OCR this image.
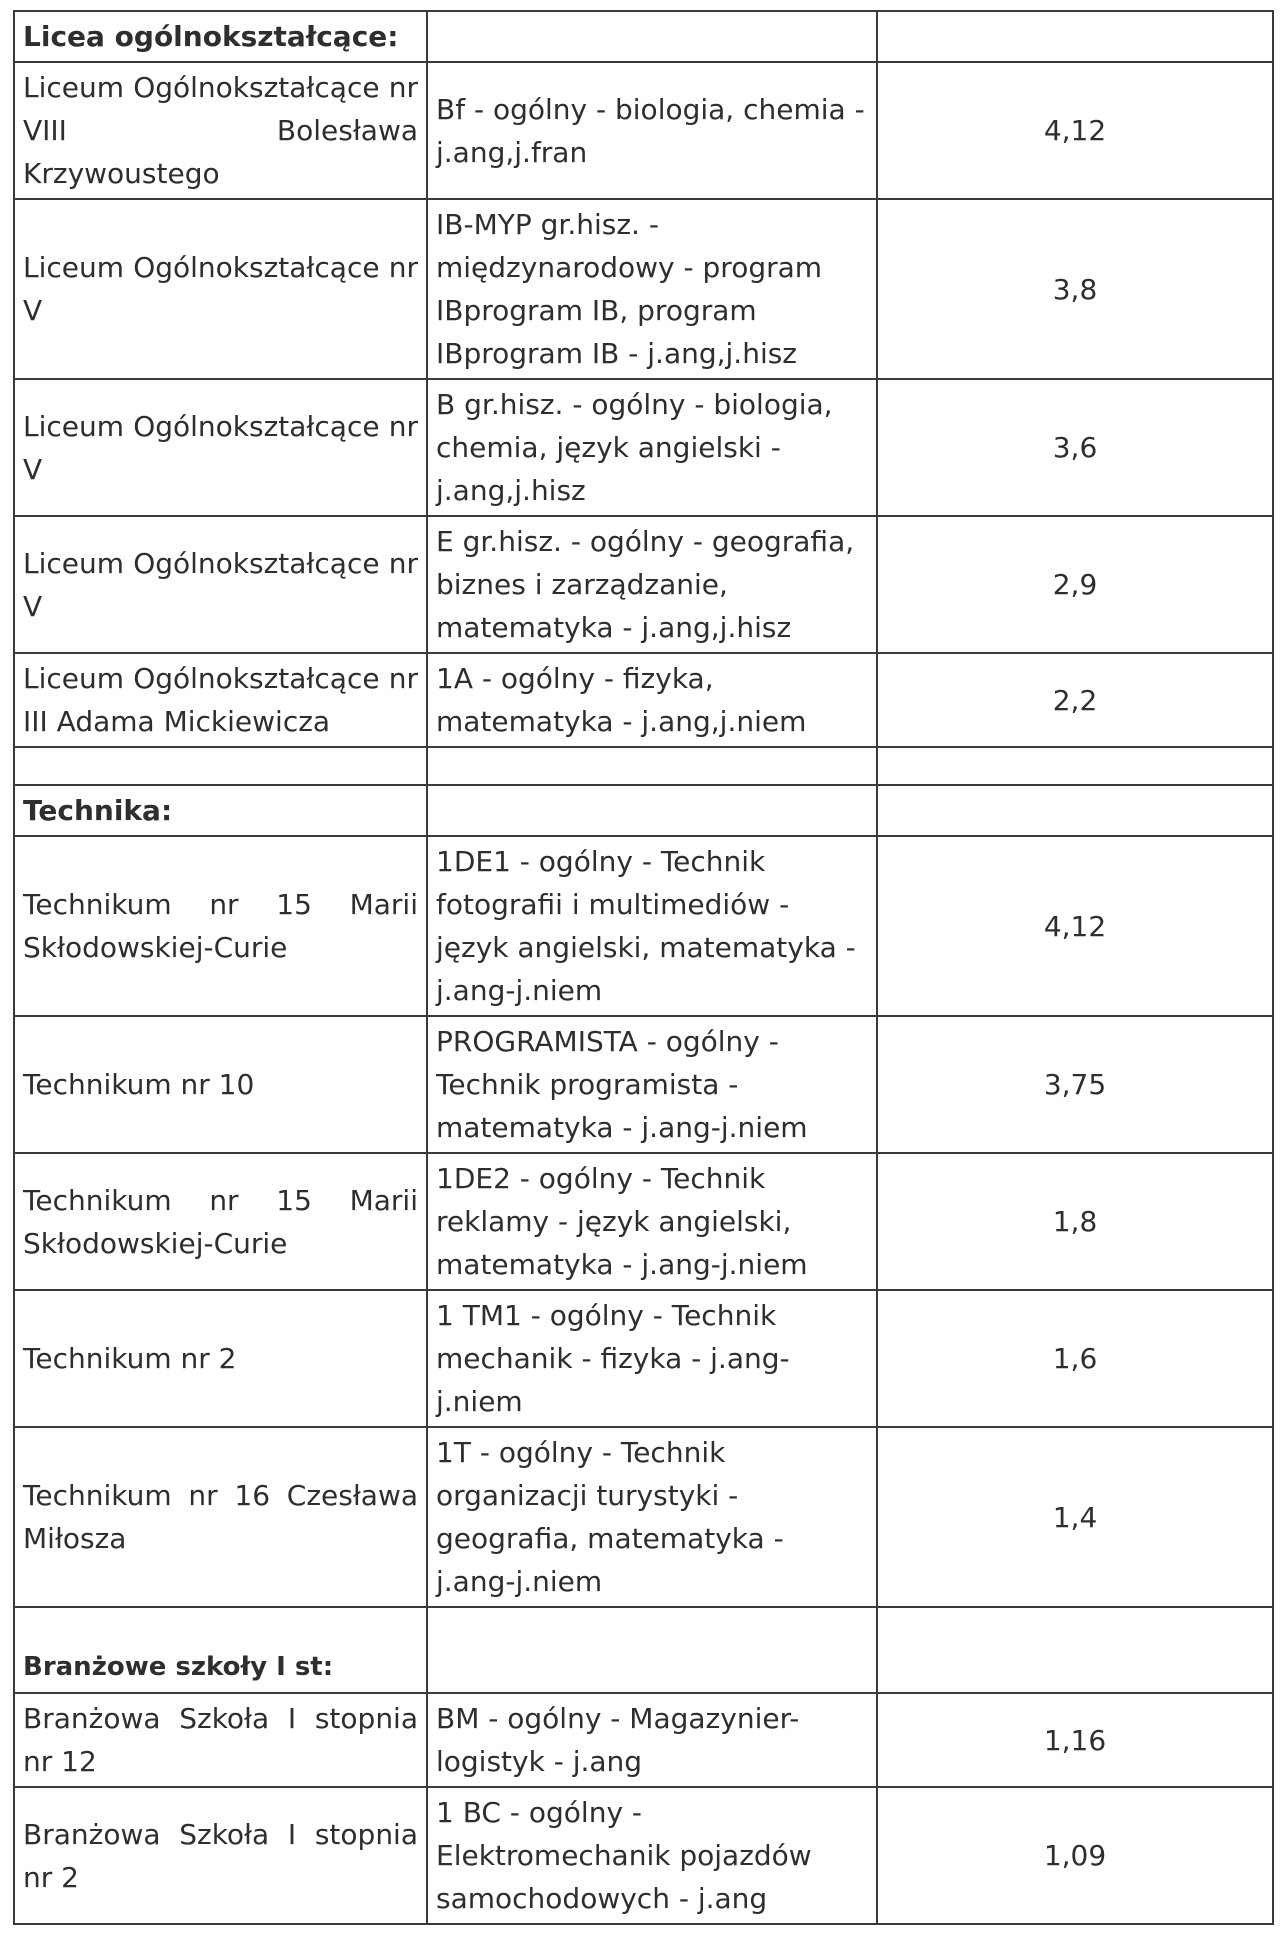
Licea ogólnokształcące:		
Liceum Ogólnokształcące nr VIII Bolesława Krzywoustego	Bf - ogólny - biologia, chemia - j.ang,j.fran	4,12
Liceum Ogólnokształcące nr V	IB-MYP gr.hisz. - międzynarodowy - program IBprogram IB, program IBprogram IB - j.ang,j.hisz	3,8
Liceum Ogólnokształcące nr V	B gr.hisz. - ogólny - biologia, chemia, język angielski - j.ang,j.hisz	3,6
Liceum Ogólnokształcące nr V	E gr.hisz. - ogólny - geografia, biznes i zarządzanie, matematyka - j.ang,j.hisz	2,9
Liceum Ogólnokształcące nr III Adama Mickiewicza	1A - ogólny - fizyka, matematyka - j.ang,j.niem	2,2

Technika:		
Technikum nr 15 Marii Skłodowskiej-Curie	1DE1 - ogólny - Technik fotografii i multimediów - język angielski, matematyka - j.ang-j.niem	4,12
Technikum nr 10	PROGRAMISTA - ogólny - Technik programista - matematyka - j.ang-j.niem	3,75
Technikum nr 15 Marii Skłodowskiej-Curie	1DE2 - ogólny - Technik reklamy - język angielski, matematyka - j.ang-j.niem	1,8
Technikum nr 2	1 TM1 - ogólny - Technik mechanik - fizyka - j.ang-j.niem	1,6
Technikum nr 16 Czesława Miłosza	1T - ogólny - Technik organizacji turystyki - geografia, matematyka - j.ang-j.niem	1,4
Branżowe szkoły I st:		
Branżowa Szkoła I stopnia nr 12	BM - ogólny - Magazynier-logistyk - j.ang	1,16
Branżowa Szkoła I stopnia nr 2	1 BC - ogólny - Elektromechanik pojazdów samochodowych - j.ang	1,09
